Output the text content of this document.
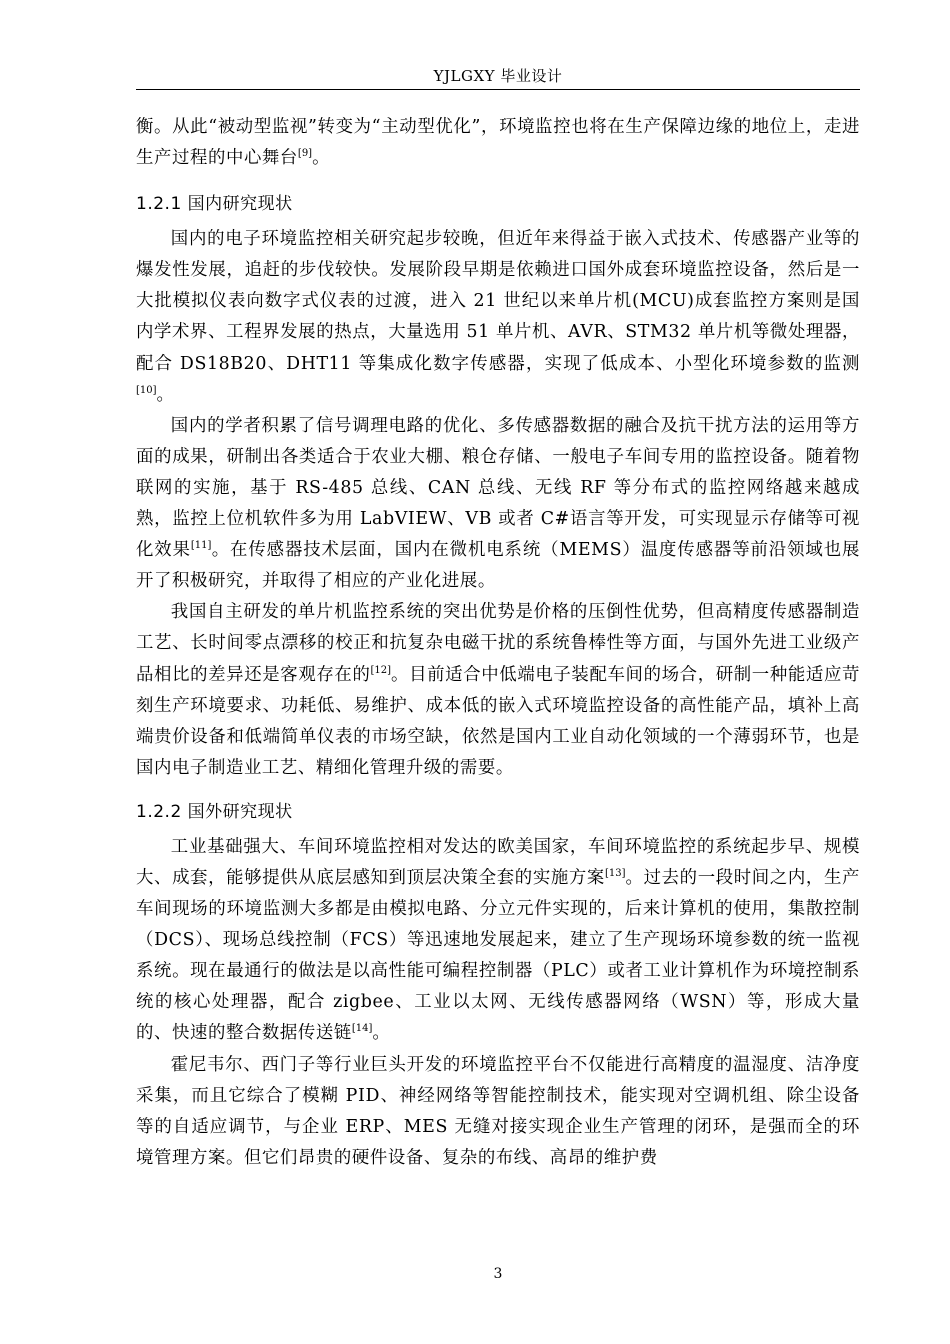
YJLGXY 毕业设计

衡。从此“被动型监视”转变为“主动型优化”，环境监控也将在生产保障边缘的地位上，走进生产过程的中心舞台[9]。

1.2.1 国内研究现状

国内的电子环境监控相关研究起步较晚，但近年来得益于嵌入式技术、传感器产业等的爆发性发展，追赶的步伐较快。发展阶段早期是依赖进口国外成套环境监控设备，然后是一大批模拟仪表向数字式仪表的过渡，进入 21 世纪以来单片机(MCU)成套监控方案则是国内学术界、工程界发展的热点，大量选用 51 单片机、AVR、STM32 单片机等微处理器，配合 DS18B20、DHT11 等集成化数字传感器，实现了低成本、小型化环境参数的监测[10]。

国内的学者积累了信号调理电路的优化、多传感器数据的融合及抗干扰方法的运用等方面的成果，研制出各类适合于农业大棚、粮仓存储、一般电子车间专用的监控设备。随着物联网的实施，基于 RS-485 总线、CAN 总线、无线 RF 等分布式的监控网络越来越成熟，监控上位机软件多为用 LabVIEW、VB 或者 C#语言等开发，可实现显示存储等可视化效果[11]。在传感器技术层面，国内在微机电系统（MEMS）温度传感器等前沿领域也展开了积极研究，并取得了相应的产业化进展。

我国自主研发的单片机监控系统的突出优势是价格的压倒性优势，但高精度传感器制造工艺、长时间零点漂移的校正和抗复杂电磁干扰的系统鲁棒性等方面，与国外先进工业级产品相比的差异还是客观存在的[12]。目前适合中低端电子装配车间的场合，研制一种能适应苛刻生产环境要求、功耗低、易维护、成本低的嵌入式环境监控设备的高性能产品，填补上高端贵价设备和低端简单仪表的市场空缺，依然是国内工业自动化领域的一个薄弱环节，也是国内电子制造业工艺、精细化管理升级的需要。

1.2.2 国外研究现状

工业基础强大、车间环境监控相对发达的欧美国家，车间环境监控的系统起步早、规模大、成套，能够提供从底层感知到顶层决策全套的实施方案[13]。过去的一段时间之内，生产车间现场的环境监测大多都是由模拟电路、分立元件实现的，后来计算机的使用，集散控制（DCS）、现场总线控制（FCS）等迅速地发展起来，建立了生产现场环境参数的统一监视系统。现在最通行的做法是以高性能可编程控制器（PLC）或者工业计算机作为环境控制系统的核心处理器，配合 zigbee、工业以太网、无线传感器网络（WSN）等，形成大量的、快速的整合数据传送链[14]。

霍尼韦尔、西门子等行业巨头开发的环境监控平台不仅能进行高精度的温湿度、洁净度采集，而且它综合了模糊 PID、神经网络等智能控制技术，能实现对空调机组、除尘设备等的自适应调节，与企业 ERP、MES 无缝对接实现企业生产管理的闭环，是强而全的环境管理方案。但它们昂贵的硬件设备、复杂的布线、高昂的维护费

3
